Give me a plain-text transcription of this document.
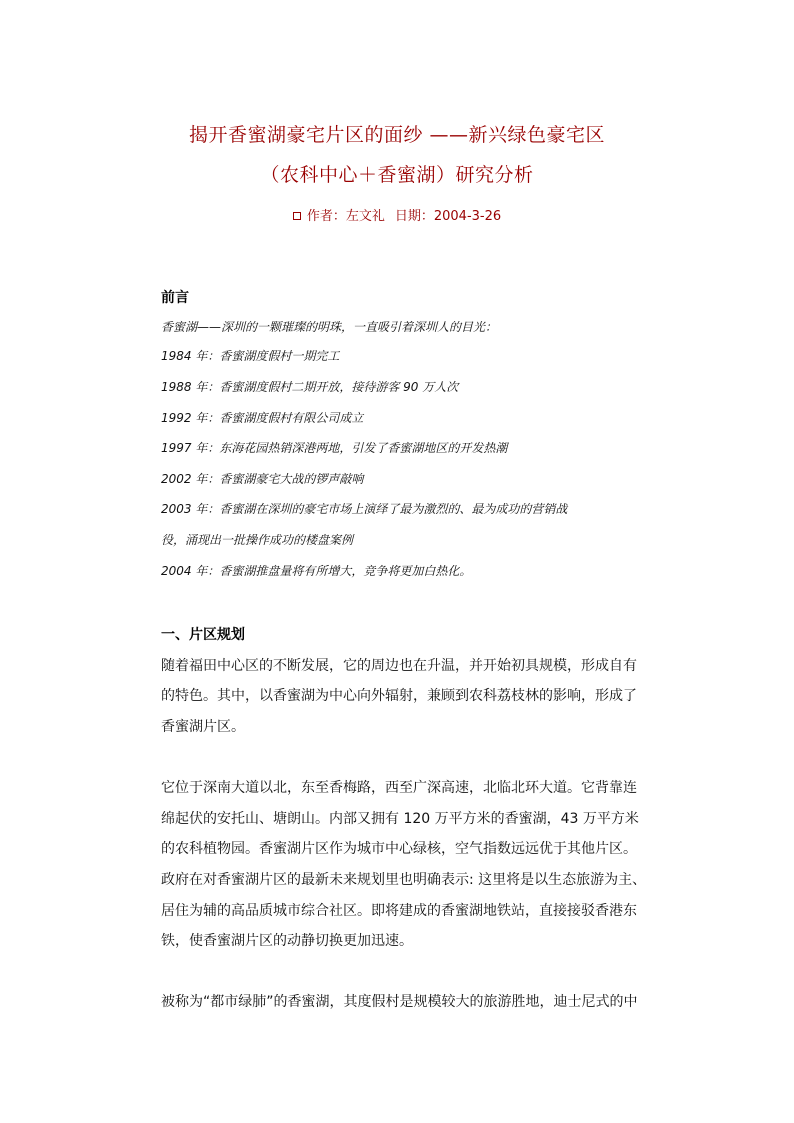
揭开香蜜湖豪宅片区的面纱 ——新兴绿色豪宅区
（农科中心＋香蜜湖）研究分析
作者：左文礼 日期：2004-3-26
前言
香蜜湖——深圳的一颗璀璨的明珠，一直吸引着深圳人的目光：
1984 年：香蜜湖度假村一期完工
1988 年：香蜜湖度假村二期开放，接待游客 90 万人次
1992 年：香蜜湖度假村有限公司成立
1997 年：东海花园热销深港两地，引发了香蜜湖地区的开发热潮
2002 年：香蜜湖豪宅大战的锣声敲响
2003 年：香蜜湖在深圳的豪宅市场上演绎了最为激烈的、最为成功的营销战
役，涌现出一批操作成功的楼盘案例
2004 年：香蜜湖推盘量将有所增大，竞争将更加白热化。
一、片区规划
随着福田中心区的不断发展，它的周边也在升温，并开始初具规模，形成自有
的特色。其中，以香蜜湖为中心向外辐射，兼顾到农科荔枝林的影响，形成了
香蜜湖片区。
它位于深南大道以北，东至香梅路，西至广深高速，北临北环大道。它背靠连
绵起伏的安托山、塘朗山。内部又拥有 120 万平方米的香蜜湖，43 万平方米
的农科植物园。香蜜湖片区作为城市中心绿核，空气指数远远优于其他片区。
政府在对香蜜湖片区的最新未来规划里也明确表示: 这里将是以生态旅游为主、
居住为辅的高品质城市综合社区。即将建成的香蜜湖地铁站，直接接驳香港东
铁，使香蜜湖片区的动静切换更加迅速。
被称为“都市绿肺”的香蜜湖，其度假村是规模较大的旅游胜地，迪士尼式的中
